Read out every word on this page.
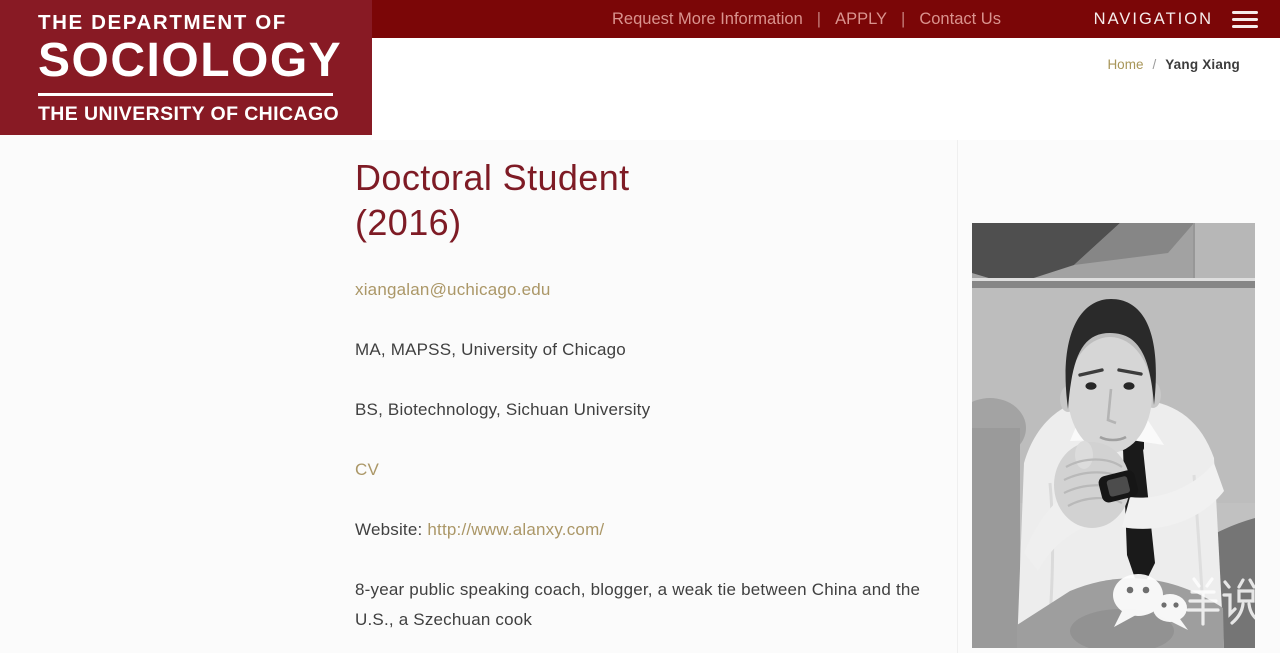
Request More Information | APPLY | Contact Us	NAVIGATION
THE DEPARTMENT OF
SOCIOLOGY
THE UNIVERSITY OF CHICAGO
Home / Yang Xiang
Doctoral Student
(2016)

xiangalan@uchicago.edu

MA, MAPSS, University of Chicago

BS, Biotechnology, Sichuan University

CV

Website: http://www.alanxy.com/

8-year public speaking coach, blogger, a weak tie between China and the U.S., a Szechuan cook
